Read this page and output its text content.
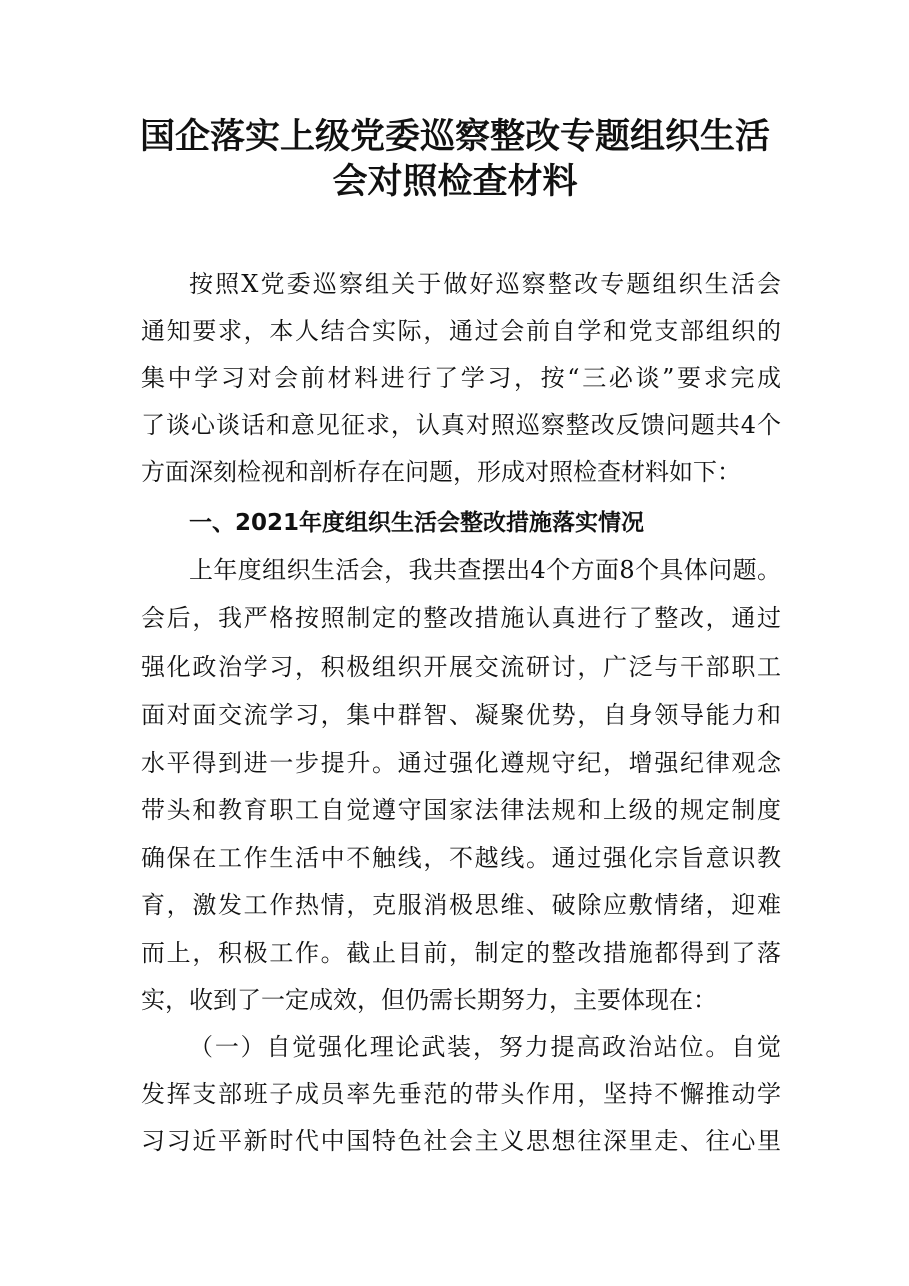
国企落实上级党委巡察整改专题组织生活
会对照检查材料
按照X党委巡察组关于做好巡察整改专题组织生活会
通知要求，本人结合实际，通过会前自学和党支部组织的
集中学习对会前材料进行了学习，按“三必谈”要求完成
了谈心谈话和意见征求，认真对照巡察整改反馈问题共4个
方面深刻检视和剖析存在问题，形成对照检查材料如下：
一、2021年度组织生活会整改措施落实情况
上年度组织生活会，我共查摆出4个方面8个具体问题。
会后，我严格按照制定的整改措施认真进行了整改，通过
强化政治学习，积极组织开展交流研讨，广泛与干部职工
面对面交流学习，集中群智、凝聚优势，自身领导能力和
水平得到进一步提升。通过强化遵规守纪，增强纪律观念
带头和教育职工自觉遵守国家法律法规和上级的规定制度
确保在工作生活中不触线，不越线。通过强化宗旨意识教
育，激发工作热情，克服消极思维、破除应敷情绪，迎难
而上，积极工作。截止目前，制定的整改措施都得到了落
实，收到了一定成效，但仍需长期努力，主要体现在：
（一）自觉强化理论武装，努力提高政治站位。自觉
发挥支部班子成员率先垂范的带头作用，坚持不懈推动学
习习近平新时代中国特色社会主义思想往深里走、往心里
